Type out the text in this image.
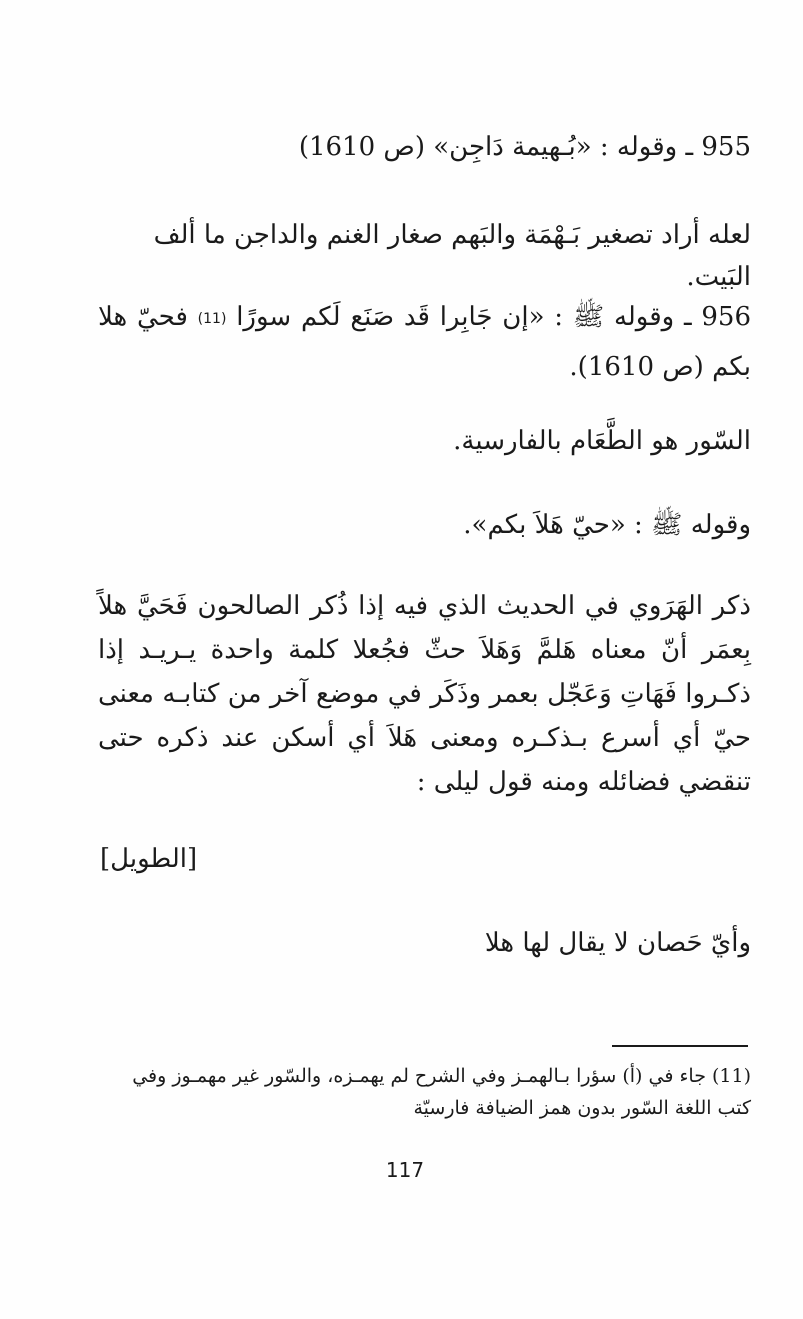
955 ـ وقوله : «بُـهيمة دَاجِن» (ص 1610)
لعله أراد تصغير بَـهْمَة والبَهم صغار الغنم والداجن ما ألف البَيت.
956 ـ وقوله ﷺ : «إن جَابِرا قَد صَنَع لَكم سورًا (11) فحيّ هلا بكم (ص 1610).
السّور هو الطَّعَام بالفارسية.
وقوله ﷺ : «حيّ هَلاَ بكم».
ذكر الهَرَوي في الحديث الذي فيه إذا ذُكر الصالحون فَحَيَّ هلاً بِعمَر أنّ معناه هَلمَّ وَهَلاَ حثّ فجُعلا كلمة واحدة يـريـد إذا ذكـروا فَهَاتِ وَعَجّل بعمر وذَكَر في موضع آخر من كتابـه معنى حيّ أي أسرع بـذكـره ومعنى هَلاَ أي أسكن عند ذكره حتى تنقضي فضائله ومنه قول ليلى :
[الطويل]
وأيّ حَصان لا يقال لها هلا
(11) جاء في (أ) سؤرا بـالهمـز وفي الشرح لم يهمـزه، والسّور غير مهمـوز وفي كتب اللغة السّور بدون همز الضيافة فارسيّة
117
